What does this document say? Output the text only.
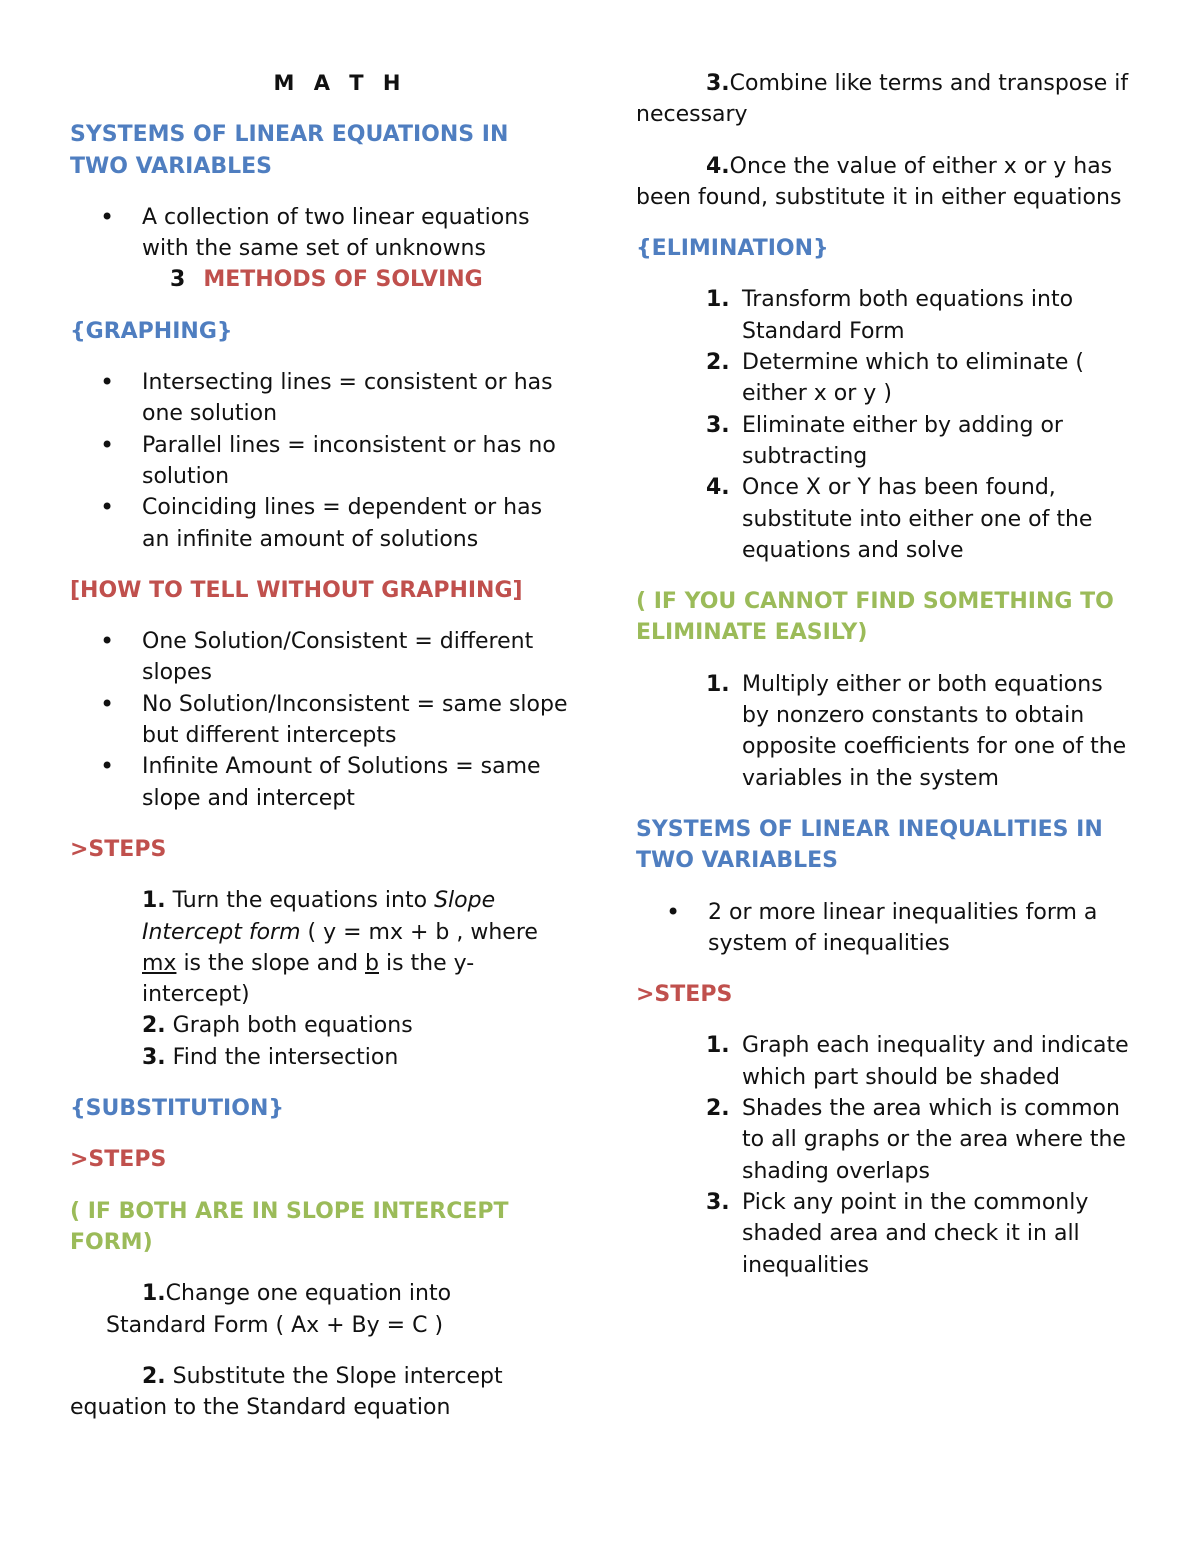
M A T H

SYSTEMS OF LINEAR EQUATIONS IN TWO VARIABLES

• A collection of two linear equations with the same set of unknowns

3 METHODS OF SOLVING

{GRAPHING}

• Intersecting lines = consistent or has one solution
• Parallel lines = inconsistent or has no solution
• Coinciding lines = dependent or has an infinite amount of solutions

[HOW TO TELL WITHOUT GRAPHING]

• One Solution/Consistent = different slopes
• No Solution/Inconsistent = same slope but different intercepts
• Infinite Amount of Solutions = same slope and intercept

>STEPS

1. Turn the equations into Slope Intercept form ( y = mx + b , where mx is the slope and b is the y-intercept)

2. Graph both equations

3. Find the intersection

{SUBSTITUTION}

>STEPS

( IF BOTH ARE IN SLOPE INTERCEPT FORM)

1.Change one equation into

Standard Form ( Ax + By = C )

2. Substitute the Slope intercept equation to the Standard equation

3.Combine like terms and transpose if necessary

4.Once the value of either x or y has been found, substitute it in either equations

{ELIMINATION}

1. Transform both equations into Standard Form
2. Determine which to eliminate ( either x or y )
3. Eliminate either by adding or subtracting
4. Once X or Y has been found, substitute into either one of the equations and solve

( IF YOU CANNOT FIND SOMETHING TO ELIMINATE EASILY)

1. Multiply either or both equations by nonzero constants to obtain opposite coefficients for one of the variables in the system

SYSTEMS OF LINEAR INEQUALITIES IN TWO VARIABLES

• 2 or more linear inequalities form a system of inequalities

>STEPS

1. Graph each inequality and indicate which part should be shaded
2. Shades the area which is common to all graphs or the area where the shading overlaps
3. Pick any point in the commonly shaded area and check it in all inequalities
